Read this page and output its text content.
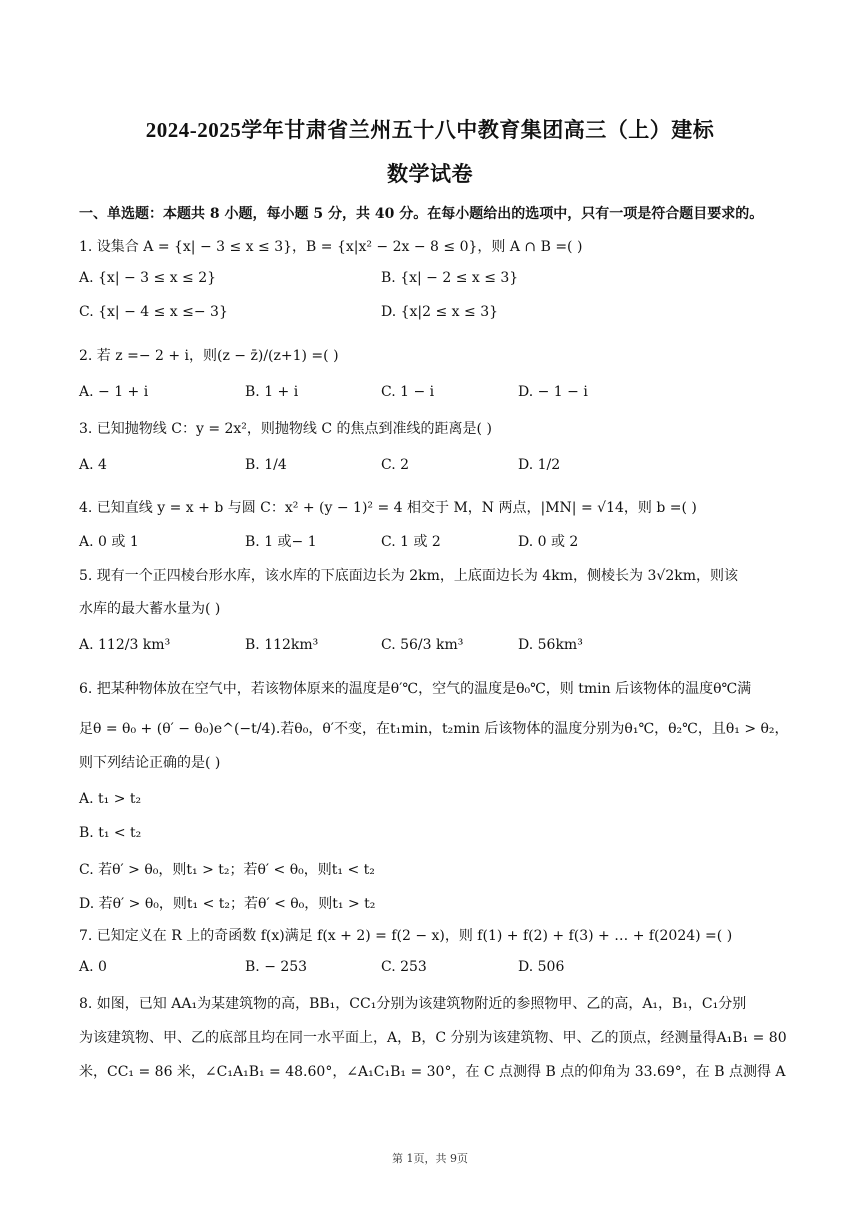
2024-2025学年甘肃省兰州五十八中教育集团高三（上）建标
数学试卷
一、单选题：本题共 8 小题，每小题 5 分，共 40 分。在每小题给出的选项中，只有一项是符合题目要求的。
1. 设集合 A = {x| − 3 ≤ x ≤ 3}，B = {x|x² − 2x − 8 ≤ 0}，则 A ∩ B =( )
A. {x| − 3 ≤ x ≤ 2}	B. {x| − 2 ≤ x ≤ 3}
C. {x| − 4 ≤ x ≤− 3}	D. {x|2 ≤ x ≤ 3}
2. 若 z =− 2 + i，则(z − z̄)/(z+1) =( )
A. − 1 + i	B. 1 + i	C. 1 − i	D. − 1 − i
3. 已知抛物线 C：y = 2x²，则抛物线 C 的焦点到准线的距离是( )
A. 4	B. 1/4	C. 2	D. 1/2
4. 已知直线 y = x + b 与圆 C：x² + (y − 1)² = 4 相交于 M，N 两点，|MN| = √14，则 b =( )
A. 0 或 1	B. 1 或− 1	C. 1 或 2	D. 0 或 2
5. 现有一个正四棱台形水库，该水库的下底面边长为 2km，上底面边长为 4km，侧棱长为 3√2km，则该
水库的最大蓄水量为( )
A. 112/3 km³	B. 112km³	C. 56/3 km³	D. 56km³
6. 把某种物体放在空气中，若该物体原来的温度是θ′℃，空气的温度是θ₀℃，则 tmin 后该物体的温度θ℃满
足θ = θ₀ + (θ′ − θ₀)e^(−t/4).若θ₀，θ′不变，在t₁min，t₂min 后该物体的温度分别为θ₁℃，θ₂℃，且θ₁ > θ₂，
则下列结论正确的是( )
A. t₁ > t₂
B. t₁ < t₂
C. 若θ′ > θ₀，则t₁ > t₂；若θ′ < θ₀，则t₁ < t₂
D. 若θ′ > θ₀，则t₁ < t₂；若θ′ < θ₀，则t₁ > t₂
7. 已知定义在 R 上的奇函数 f(x)满足 f(x + 2) = f(2 − x)，则 f(1) + f(2) + f(3) + … + f(2024) =( )
A. 0	B. − 253	C. 253	D. 506
8. 如图，已知 AA₁为某建筑物的高，BB₁，CC₁分别为该建筑物附近的参照物甲、乙的高，A₁，B₁，C₁分别
为该建筑物、甲、乙的底部且均在同一水平面上，A，B，C 分别为该建筑物、甲、乙的顶点，经测量得A₁B₁ = 80
米，CC₁ = 86 米，∠C₁A₁B₁ = 48.60°，∠A₁C₁B₁ = 30°，在 C 点测得 B 点的仰角为 33.69°，在 B 点测得 A
第 1页，共 9页
